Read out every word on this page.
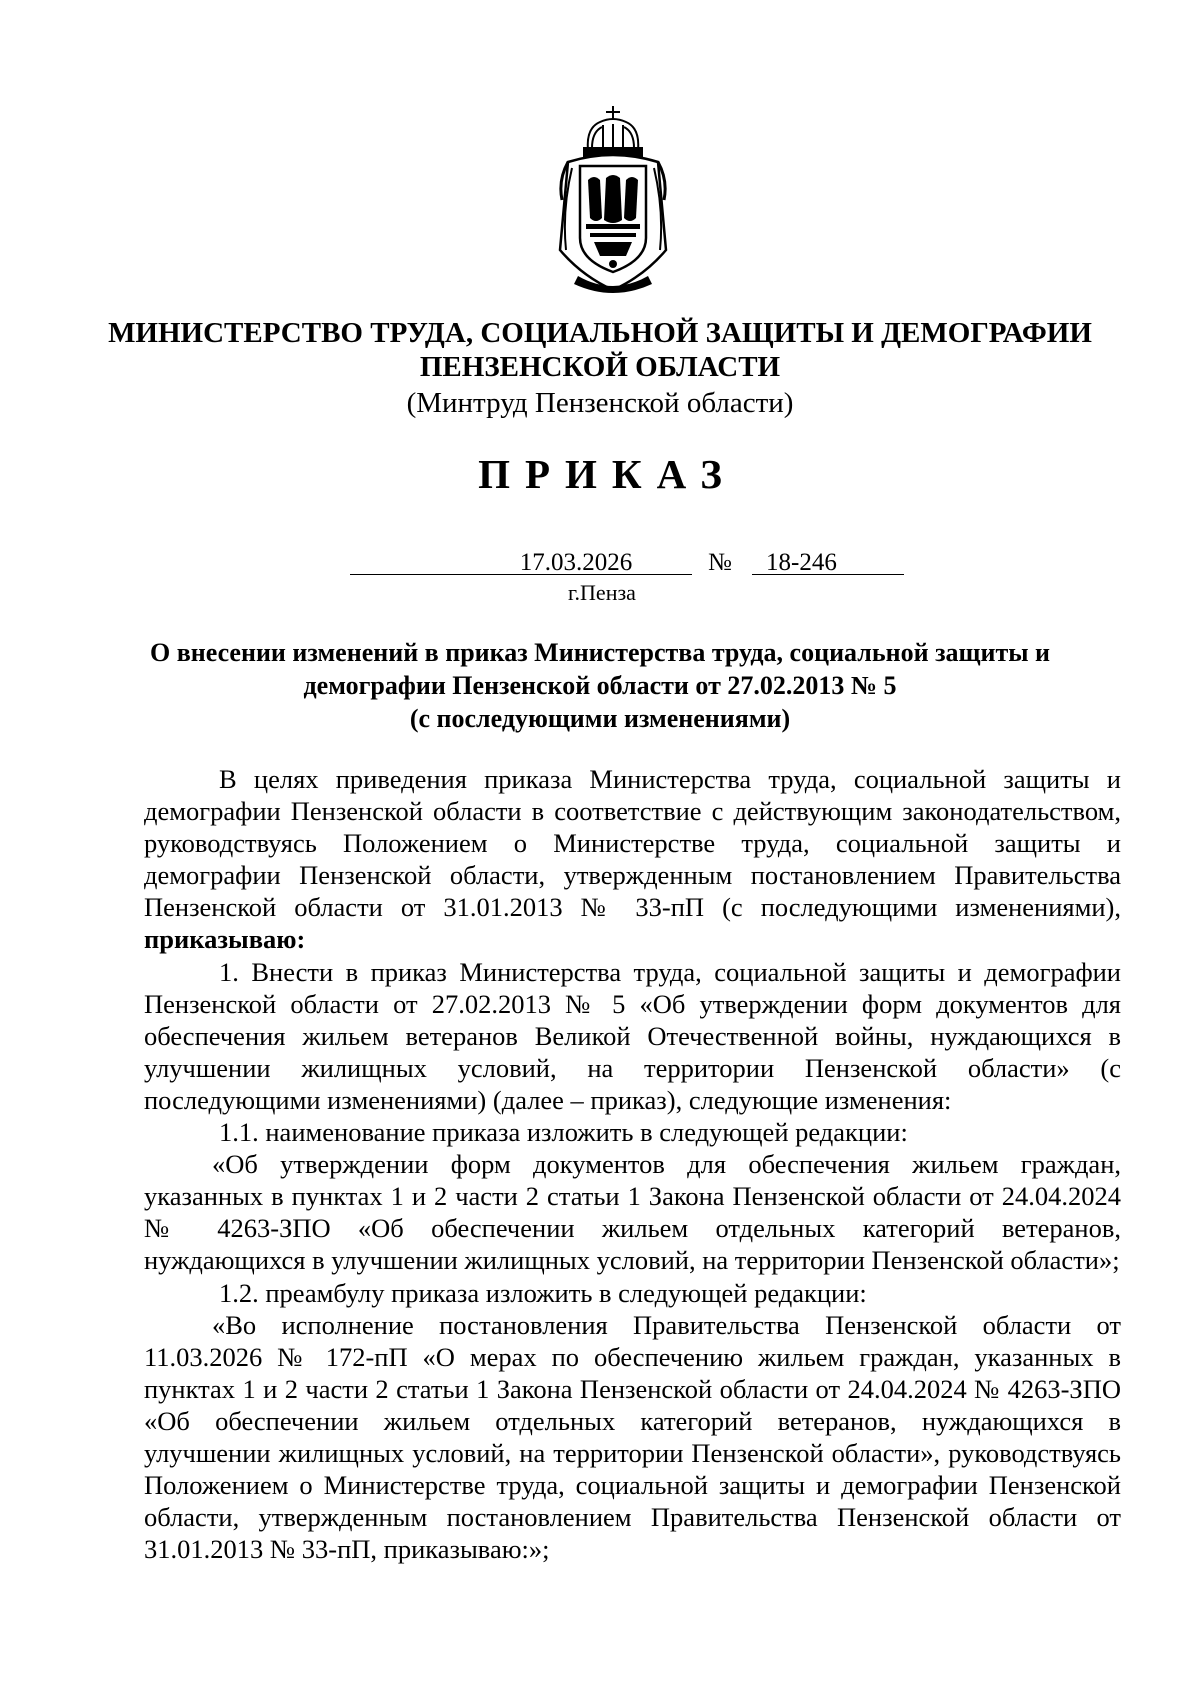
МИНИСТЕРСТВО ТРУДА, СОЦИАЛЬНОЙ ЗАЩИТЫ И ДЕМОГРАФИИ
ПЕНЗЕНСКОЙ ОБЛАСТИ
(Минтруд Пензенской области)
ПРИКАЗ
17.03.2026	№	18-246
г.Пенза
О внесении изменений в приказ Министерства труда, социальной защиты и
демографии Пензенской области от 27.02.2013 № 5
(с последующими изменениями)

В целях приведения приказа Министерства труда, социальной защиты и демографии Пензенской области в соответствие с действующим законодательством, руководствуясь Положением о Министерстве труда, социальной защиты и демографии Пензенской области, утвержденным постановлением Правительства Пензенской области от 31.01.2013 № 33-пП (с последующими изменениями), приказываю:

1. Внести в приказ Министерства труда, социальной защиты и демографии Пензенской области от 27.02.2013 № 5 «Об утверждении форм документов для обеспечения жильем ветеранов Великой Отечественной войны, нуждающихся в улучшении жилищных условий, на территории Пензенской области» (с последующими изменениями) (далее – приказ), следующие изменения:

1.1. наименование приказа изложить в следующей редакции:

«Об утверждении форм документов для обеспечения жильем граждан, указанных в пунктах 1 и 2 части 2 статьи 1 Закона Пензенской области от 24.04.2024 № 4263-ЗПО «Об обеспечении жильем отдельных категорий ветеранов, нуждающихся в улучшении жилищных условий, на территории Пензенской области»;

1.2. преамбулу приказа изложить в следующей редакции:

«Во исполнение постановления Правительства Пензенской области от 11.03.2026 № 172-пП «О мерах по обеспечению жильем граждан, указанных в пунктах 1 и 2 части 2 статьи 1 Закона Пензенской области от 24.04.2024 № 4263-ЗПО «Об обеспечении жильем отдельных категорий ветеранов, нуждающихся в улучшении жилищных условий, на территории Пензенской области», руководствуясь Положением о Министерстве труда, социальной защиты и демографии Пензенской области, утвержденным постановлением Правительства Пензенской области от 31.01.2013 № 33-пП, приказываю:»;
